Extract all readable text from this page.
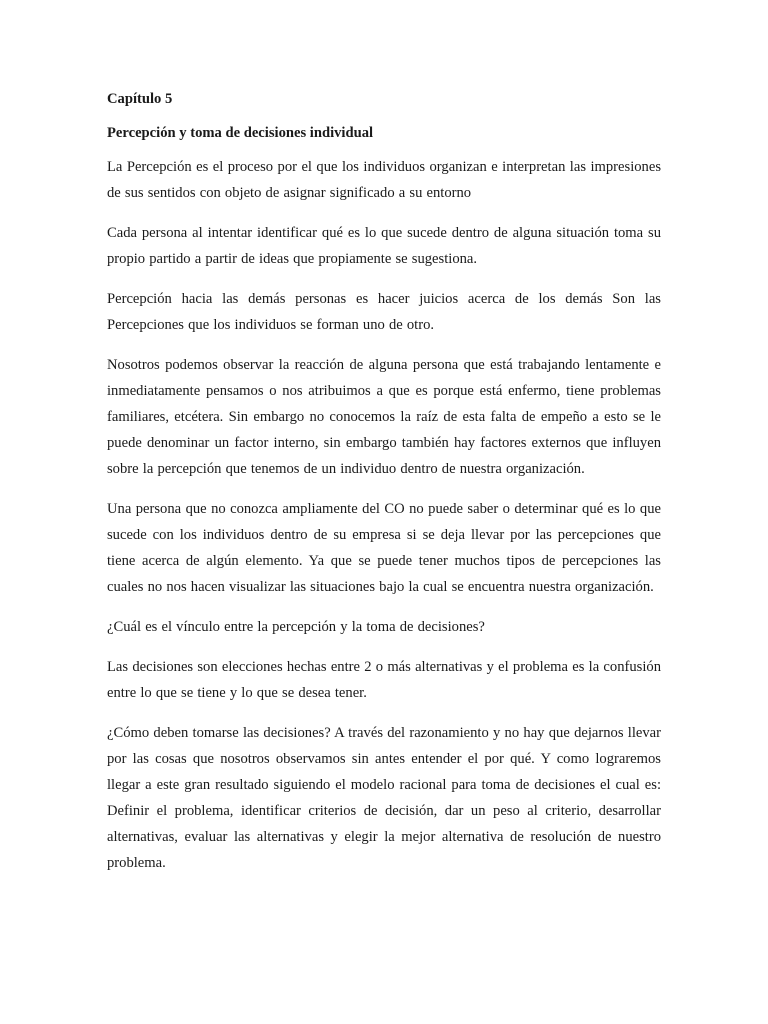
Capítulo 5

Percepción y toma de decisiones individual

La Percepción es el proceso por el que los individuos organizan e interpretan las impresiones de sus sentidos con objeto de asignar significado a su entorno

Cada persona al intentar identificar qué es lo que sucede dentro de alguna situación toma su propio partido a partir de ideas que propiamente se sugestiona.

Percepción hacia las demás personas es hacer juicios acerca de los demás Son las Percepciones que los individuos se forman uno de otro.

Nosotros podemos observar la reacción de alguna persona que está trabajando lentamente e inmediatamente pensamos o nos atribuimos a que es porque está enfermo, tiene problemas familiares, etcétera. Sin embargo no conocemos la raíz de esta falta de empeño a esto se le puede denominar un factor interno, sin embargo también hay factores externos que influyen sobre la percepción que tenemos de un individuo dentro de nuestra organización.

Una persona que no conozca ampliamente del CO no puede saber o determinar qué es lo que sucede con los individuos dentro de su empresa si se deja llevar por las percepciones que tiene acerca de algún elemento. Ya que se puede tener muchos tipos de percepciones las cuales no nos hacen visualizar las situaciones bajo la cual se encuentra nuestra organización.

¿Cuál es el vínculo entre la percepción y la toma de decisiones?

Las decisiones son elecciones hechas entre 2 o más alternativas y el problema es la confusión entre lo que se tiene y lo que se desea tener.

¿Cómo deben tomarse las decisiones? A través del razonamiento y no hay que dejarnos llevar por las cosas que nosotros observamos sin antes entender el por qué. Y como lograremos llegar a este gran resultado siguiendo el modelo racional para toma de decisiones el cual es: Definir el problema, identificar criterios de decisión, dar un peso al criterio, desarrollar alternativas, evaluar las alternativas y elegir la mejor alternativa de resolución de nuestro problema.
